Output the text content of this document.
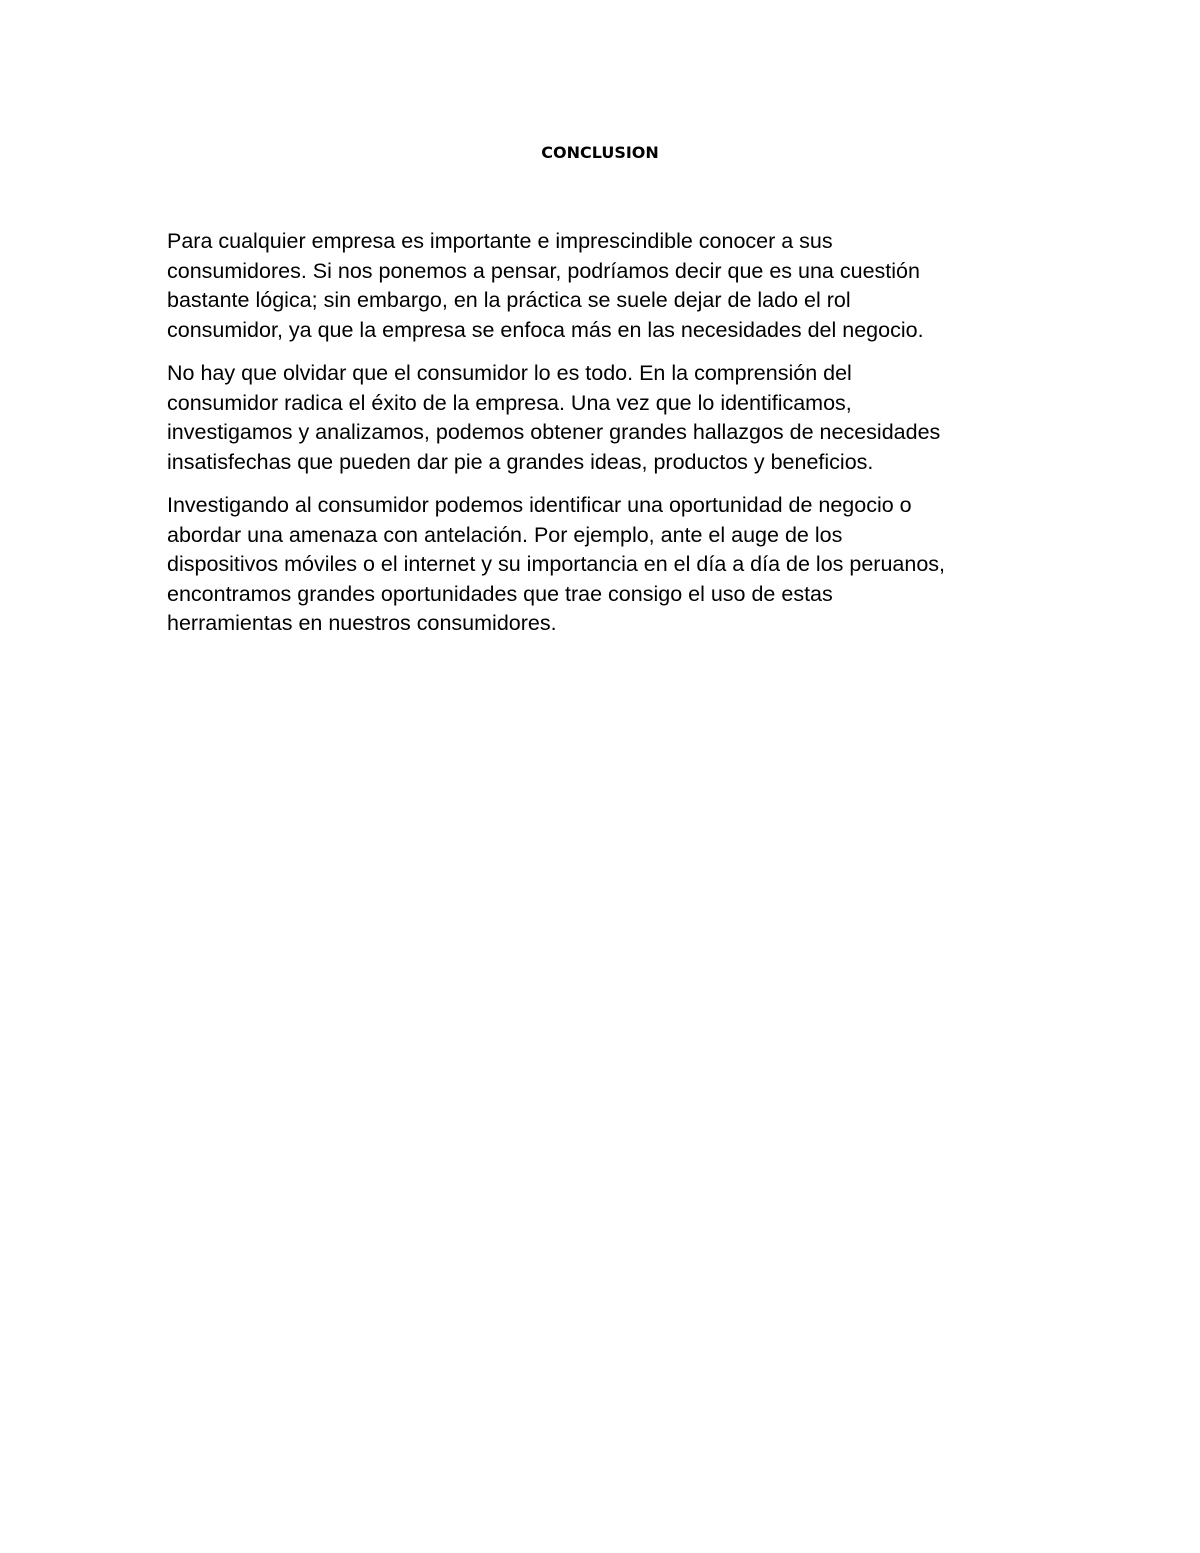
CONCLUSION

Para cualquier empresa es importante e imprescindible conocer a sus
consumidores. Si nos ponemos a pensar, podríamos decir que es una cuestión
bastante lógica; sin embargo, en la práctica se suele dejar de lado el rol
consumidor, ya que la empresa se enfoca más en las necesidades del negocio.

No hay que olvidar que el consumidor lo es todo. En la comprensión del
consumidor radica el éxito de la empresa. Una vez que lo identificamos,
investigamos y analizamos, podemos obtener grandes hallazgos de necesidades
insatisfechas que pueden dar pie a grandes ideas, productos y beneficios.

Investigando al consumidor podemos identificar una oportunidad de negocio o
abordar una amenaza con antelación. Por ejemplo, ante el auge de los
dispositivos móviles o el internet y su importancia en el día a día de los peruanos,
encontramos grandes oportunidades que trae consigo el uso de estas
herramientas en nuestros consumidores.
